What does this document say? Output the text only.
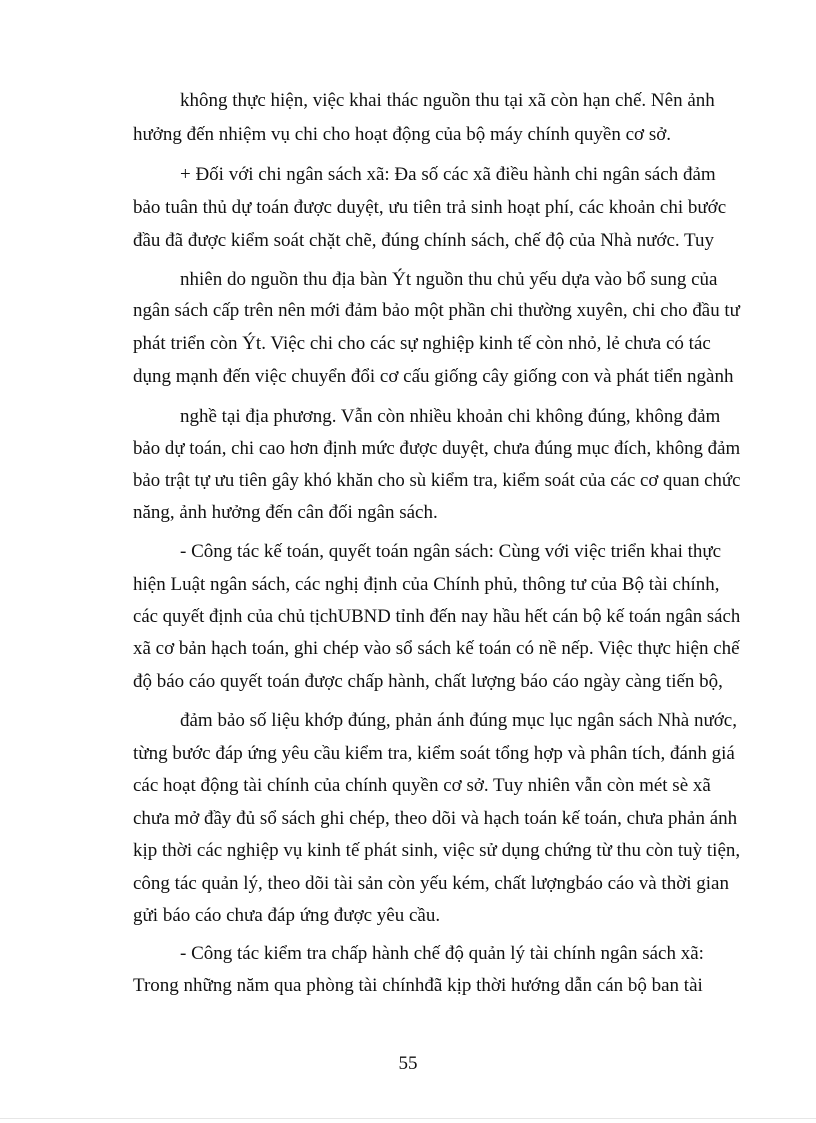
không thực hiện, việc khai thác nguồn thu tại xã còn hạn chế. Nên ảnh
hưởng đến nhiệm vụ chi cho hoạt động của bộ máy chính quyền cơ sở.
+ Đối với chi ngân sách xã: Đa số các xã điều hành chi ngân sách đảm
bảo tuân thủ dự toán được duyệt, ưu tiên trả sinh hoạt phí, các khoản chi bước
đầu đã được kiểm soát chặt chẽ, đúng chính sách, chế độ của Nhà nước. Tuy
nhiên do nguồn thu địa bàn Ýt nguồn thu chủ yếu dựa vào bổ sung của
ngân sách cấp trên nên mới đảm bảo một phần chi thường xuyên, chi cho đầu tư
phát triển còn Ýt. Việc chi cho các sự nghiệp kinh tế còn nhỏ, lẻ chưa có tác
dụng mạnh đến việc chuyển đổi cơ cấu giống cây giống con và phát tiển ngành
nghề tại địa phương. Vẫn còn nhiều khoản chi không đúng, không đảm
bảo dự toán, chi cao hơn định mức được duyệt, chưa đúng mục đích, không đảm
bảo trật tự ưu tiên gây khó khăn cho sù kiểm tra, kiểm soát của các cơ quan chức
năng, ảnh hưởng đến cân đối ngân sách.
- Công tác kế toán, quyết toán ngân sách: Cùng với việc triển khai thực
hiện Luật ngân sách, các nghị định của Chính phủ, thông tư của Bộ tài chính,
các quyết định của chủ tịchUBND tỉnh đến nay hầu hết cán bộ kế toán ngân sách
xã cơ bản hạch toán, ghi chép vào sổ sách kế toán có nề nếp. Việc thực hiện chế
độ báo cáo quyết toán được chấp hành, chất lượng báo cáo ngày càng tiến bộ,
đảm bảo số liệu khớp đúng, phản ánh đúng mục lục ngân sách Nhà nước,
từng bước đáp ứng yêu cầu kiểm tra, kiểm soát tổng hợp và phân tích, đánh giá
các hoạt động tài chính của chính quyền cơ sở. Tuy nhiên vẫn còn mét sè xã
chưa mở đầy đủ sổ sách ghi chép, theo dõi và hạch toán kế toán, chưa phản ánh
kịp thời các nghiệp vụ kinh tế phát sinh, việc sử dụng chứng từ thu còn tuỳ tiện,
công tác quản lý, theo dõi tài sản còn yếu kém, chất lượngbáo cáo và thời gian
gửi báo cáo chưa đáp ứng được yêu cầu.
- Công tác kiểm tra chấp hành chế độ quản lý tài chính ngân sách xã:
Trong những năm qua phòng tài chínhđã kịp thời hướng dẫn cán bộ ban tài
55
